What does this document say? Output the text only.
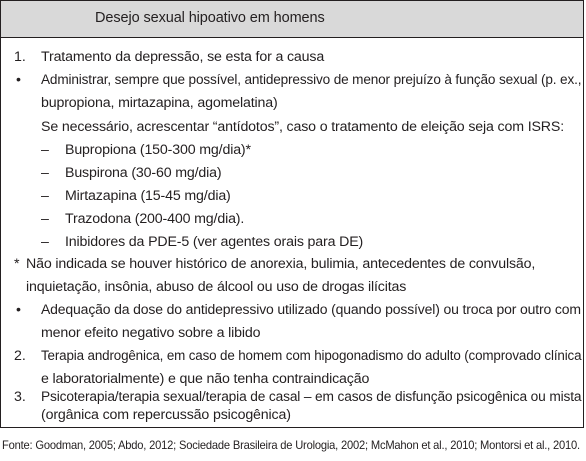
Desejo sexual hipoativo em homens
1. Tratamento da depressão, se esta for a causa
• Administrar, sempre que possível, antidepressivo de menor prejuízo à função sexual (p. ex.,
bupropiona, mirtazapina, agomelatina)
Se necessário, acrescentar “antídotos”, caso o tratamento de eleição seja com ISRS:
– Bupropiona (150-300 mg/dia)*
– Buspirona (30-60 mg/dia)
– Mirtazapina (15-45 mg/dia)
– Trazodona (200-400 mg/dia).
– Inibidores da PDE-5 (ver agentes orais para DE)
* Não indicada se houver histórico de anorexia, bulimia, antecedentes de convulsão,
inquietação, insônia, abuso de álcool ou uso de drogas ilícitas
• Adequação da dose do antidepressivo utilizado (quando possível) ou troca por outro com
menor efeito negativo sobre a libido
2. Terapia androgênica, em caso de homem com hipogonadismo do adulto (comprovado clínica
e laboratorialmente) e que não tenha contraindicação
3. Psicoterapia/terapia sexual/terapia de casal – em casos de disfunção psicogênica ou mista
(orgânica com repercussão psicogênica)
Fonte: Goodman, 2005; Abdo, 2012; Sociedade Brasileira de Urologia, 2002; McMahon et al., 2010; Montorsi et al., 2010.
